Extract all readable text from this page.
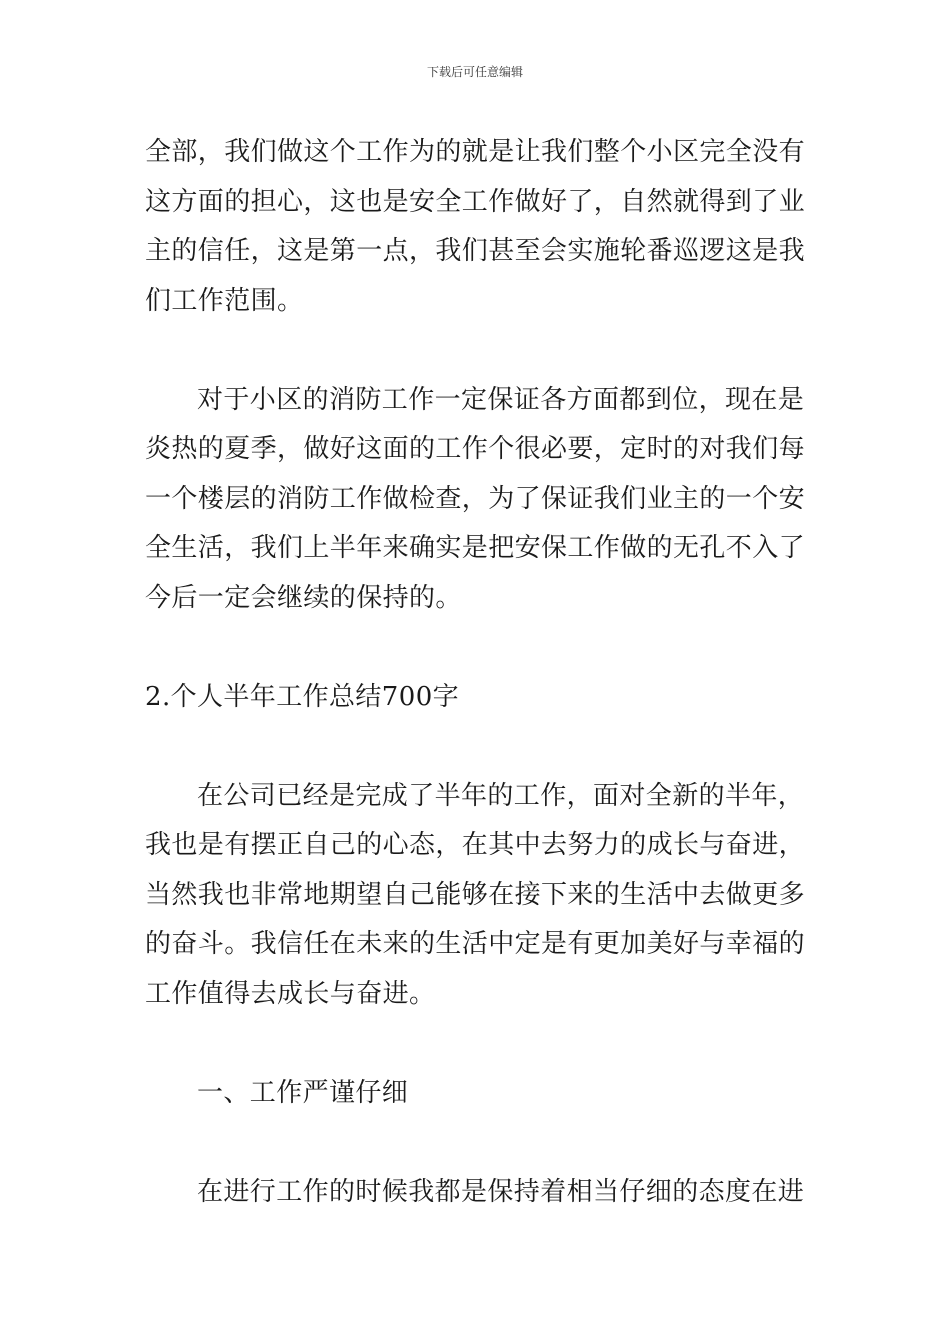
下载后可任意编辑
全部，我们做这个工作为的就是让我们整个小区完全没有
这方面的担心，这也是安全工作做好了，自然就得到了业
主的信任，这是第一点，我们甚至会实施轮番巡逻这是我
们工作范围。
对于小区的消防工作一定保证各方面都到位，现在是
炎热的夏季，做好这面的工作个很必要，定时的对我们每
一个楼层的消防工作做检查，为了保证我们业主的一个安
全生活，我们上半年来确实是把安保工作做的无孔不入了
今后一定会继续的保持的。
2.个人半年工作总结700字
在公司已经是完成了半年的工作，面对全新的半年，
我也是有摆正自己的心态，在其中去努力的成长与奋进，
当然我也非常地期望自己能够在接下来的生活中去做更多
的奋斗。我信任在未来的生活中定是有更加美好与幸福的
工作值得去成长与奋进。
一、工作严谨仔细
在进行工作的时候我都是保持着相当仔细的态度在进
